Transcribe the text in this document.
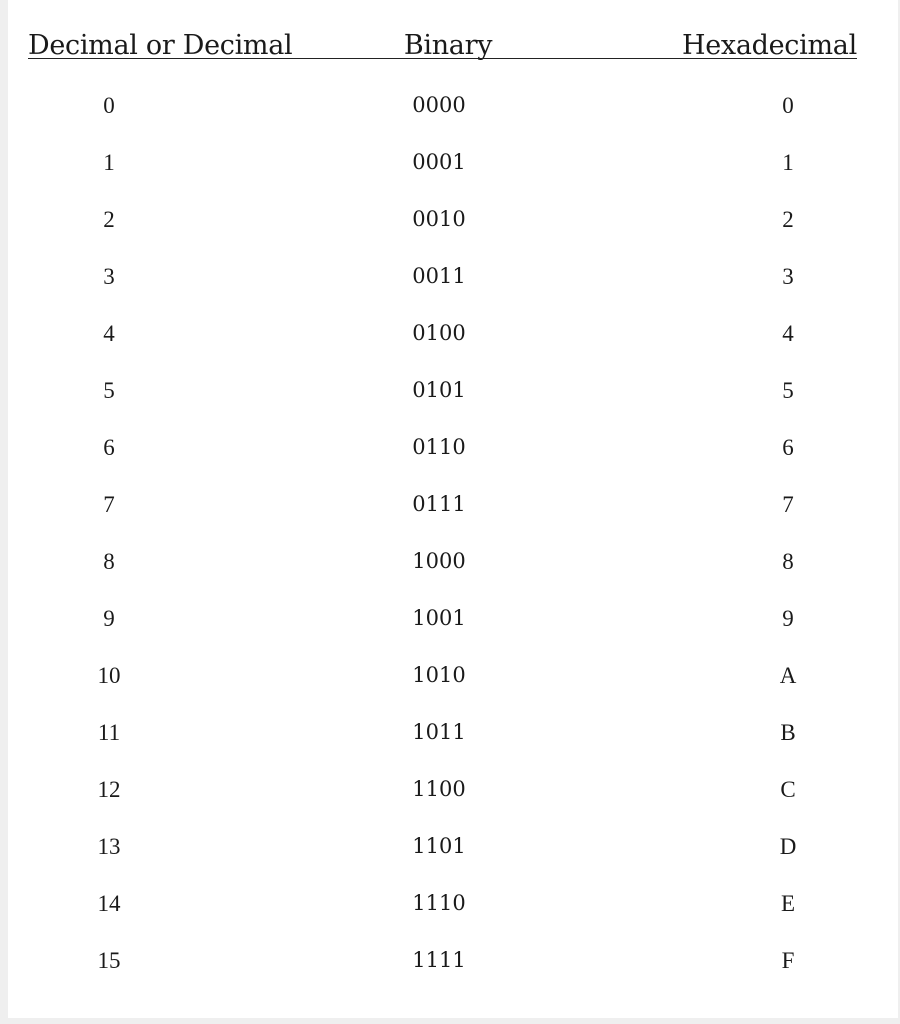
Decimal or Decimal	Binary	Hexadecimal
0	0000	0
1	0001	1
2	0010	2
3	0011	3
4	0100	4
5	0101	5
6	0110	6
7	0111	7
8	1000	8
9	1001	9
10	1010	A
11	1011	B
12	1100	C
13	1101	D
14	1110	E
15	1111	F
